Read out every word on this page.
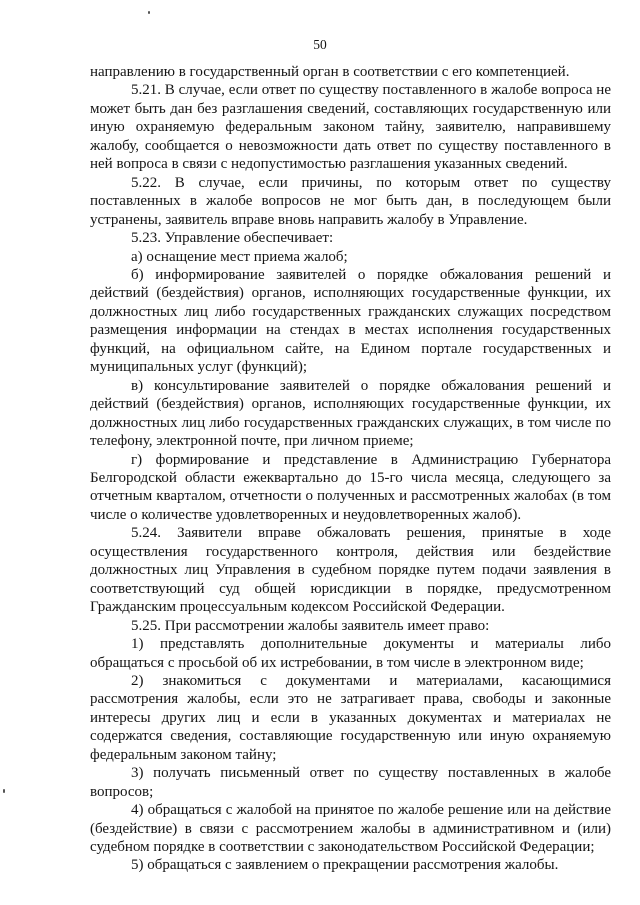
50

направлению в государственный орган в соответствии с его компетенцией.

5.21. В случае, если ответ по существу поставленного в жалобе вопроса не может быть дан без разглашения сведений, составляющих государственную или иную охраняемую федеральным законом тайну, заявителю, направившему жалобу, сообщается о невозможности дать ответ по существу поставленного в ней вопроса в связи с недопустимостью разглашения указанных сведений.

5.22. В случае, если причины, по которым ответ по существу поставленных в жалобе вопросов не мог быть дан, в последующем были устранены, заявитель вправе вновь направить жалобу в Управление.

5.23. Управление обеспечивает:

а) оснащение мест приема жалоб;

б) информирование заявителей о порядке обжалования решений и действий (бездействия) органов, исполняющих государственные функции, их должностных лиц либо государственных гражданских служащих посредством размещения информации на стендах в местах исполнения государственных функций, на официальном сайте, на Едином портале государственных и муниципальных услуг (функций);

в) консультирование заявителей о порядке обжалования решений и действий (бездействия) органов, исполняющих государственные функции, их должностных лиц либо государственных гражданских служащих, в том числе по телефону, электронной почте, при личном приеме;

г) формирование и представление в Администрацию Губернатора Белгородской области ежеквартально до 15-го числа месяца, следующего за отчетным кварталом, отчетности о полученных и рассмотренных жалобах (в том числе о количестве удовлетворенных и неудовлетворенных жалоб).

5.24. Заявители вправе обжаловать решения, принятые в ходе осуществления государственного контроля, действия или бездействие должностных лиц Управления в судебном порядке путем подачи заявления в соответствующий суд общей юрисдикции в порядке, предусмотренном Гражданским процессуальным кодексом Российской Федерации.

5.25. При рассмотрении жалобы заявитель имеет право:

1) представлять дополнительные документы и материалы либо обращаться с просьбой об их истребовании, в том числе в электронном виде;

2) знакомиться с документами и материалами, касающимися рассмотрения жалобы, если это не затрагивает права, свободы и законные интересы других лиц и если в указанных документах и материалах не содержатся сведения, составляющие государственную или иную охраняемую федеральным законом тайну;

3) получать письменный ответ по существу поставленных в жалобе вопросов;

4) обращаться с жалобой на принятое по жалобе решение или на действие (бездействие) в связи с рассмотрением жалобы в административном и (или) судебном порядке в соответствии с законодательством Российской Федерации;

5) обращаться с заявлением о прекращении рассмотрения жалобы.
